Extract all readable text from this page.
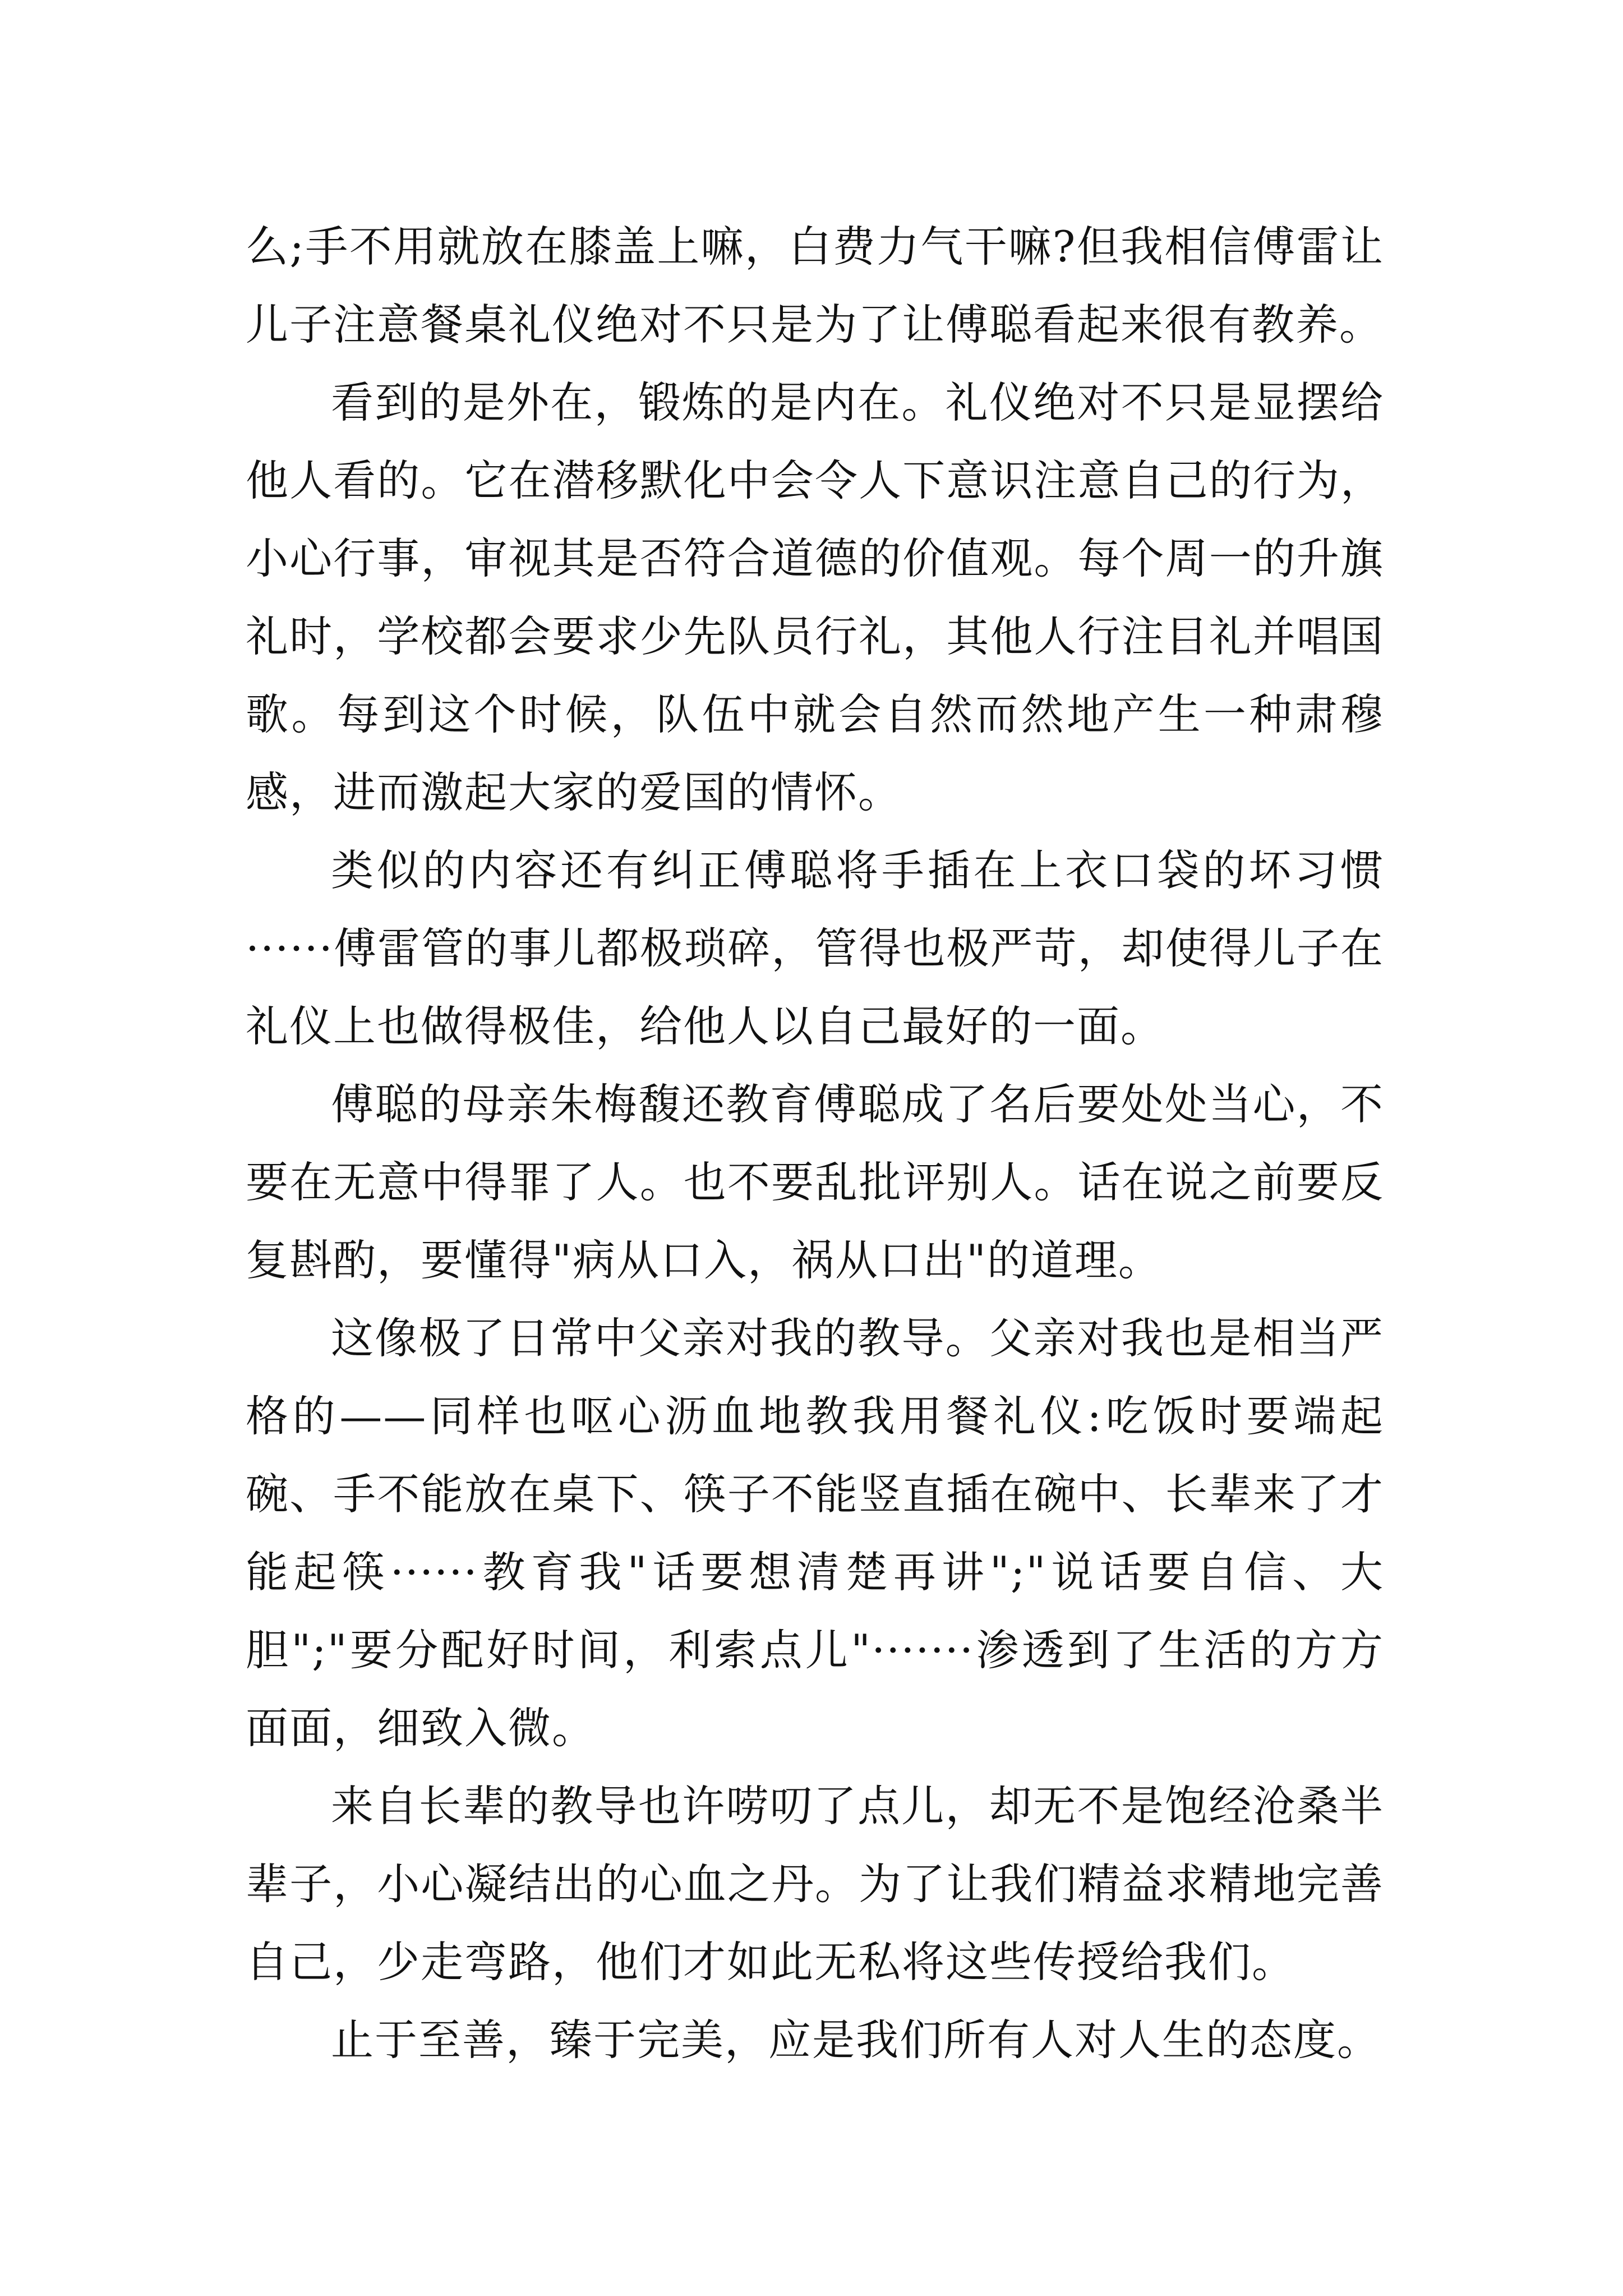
么;手不用就放在膝盖上嘛，白费力气干嘛?但我相信傅雷让儿子注意餐桌礼仪绝对不只是为了让傅聪看起来很有教养。

看到的是外在，锻炼的是内在。礼仪绝对不只是显摆给他人看的。它在潜移默化中会令人下意识注意自己的行为，小心行事，审视其是否符合道德的价值观。每个周一的升旗礼时，学校都会要求少先队员行礼，其他人行注目礼并唱国歌。每到这个时候，队伍中就会自然而然地产生一种肃穆感，进而激起大家的爱国的情怀。

类似的内容还有纠正傅聪将手插在上衣口袋的坏习惯······傅雷管的事儿都极琐碎，管得也极严苛，却使得儿子在礼仪上也做得极佳，给他人以自己最好的一面。

傅聪的母亲朱梅馥还教育傅聪成了名后要处处当心，不要在无意中得罪了人。也不要乱批评别人。话在说之前要反复斟酌，要懂得"病从口入，祸从口出"的道理。

这像极了日常中父亲对我的教导。父亲对我也是相当严格的——同样也呕心沥血地教我用餐礼仪:吃饭时要端起碗、手不能放在桌下、筷子不能竖直插在碗中、长辈来了才能起筷······教育我"话要想清楚再讲";"说话要自信、大胆";"要分配好时间，利索点儿"·······渗透到了生活的方方面面，细致入微。

来自长辈的教导也许唠叨了点儿，却无不是饱经沧桑半辈子，小心凝结出的心血之丹。为了让我们精益求精地完善自己，少走弯路，他们才如此无私将这些传授给我们。

止于至善，臻于完美，应是我们所有人对人生的态度。
